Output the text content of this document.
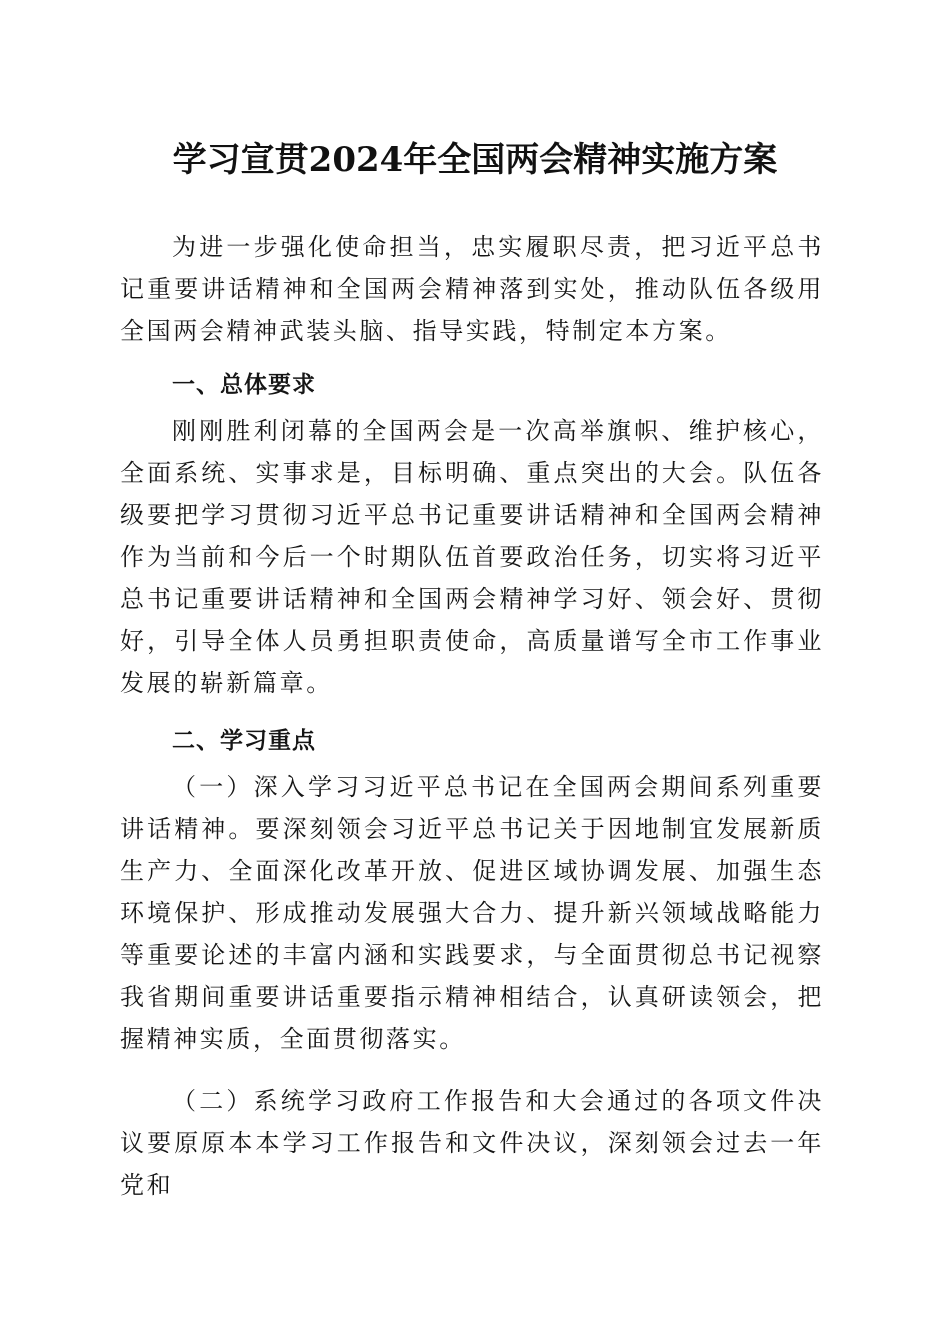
学习宣贯2024年全国两会精神实施方案

为进一步强化使命担当，忠实履职尽责，把习近平总书记重要讲话精神和全国两会精神落到实处，推动队伍各级用全国两会精神武装头脑、指导实践，特制定本方案。

一、总体要求

刚刚胜利闭幕的全国两会是一次高举旗帜、维护核心，全面系统、实事求是，目标明确、重点突出的大会。队伍各级要把学习贯彻习近平总书记重要讲话精神和全国两会精神作为当前和今后一个时期队伍首要政治任务，切实将习近平总书记重要讲话精神和全国两会精神学习好、领会好、贯彻好，引导全体人员勇担职责使命，高质量谱写全市工作事业发展的崭新篇章。

二、学习重点

（一）深入学习习近平总书记在全国两会期间系列重要讲话精神。要深刻领会习近平总书记关于因地制宜发展新质生产力、全面深化改革开放、促进区域协调发展、加强生态环境保护、形成推动发展强大合力、提升新兴领域战略能力等重要论述的丰富内涵和实践要求，与全面贯彻总书记视察我省期间重要讲话重要指示精神相结合，认真研读领会，把握精神实质，全面贯彻落实。

（二）系统学习政府工作报告和大会通过的各项文件决议要原原本本学习工作报告和文件决议，深刻领会过去一年党和
